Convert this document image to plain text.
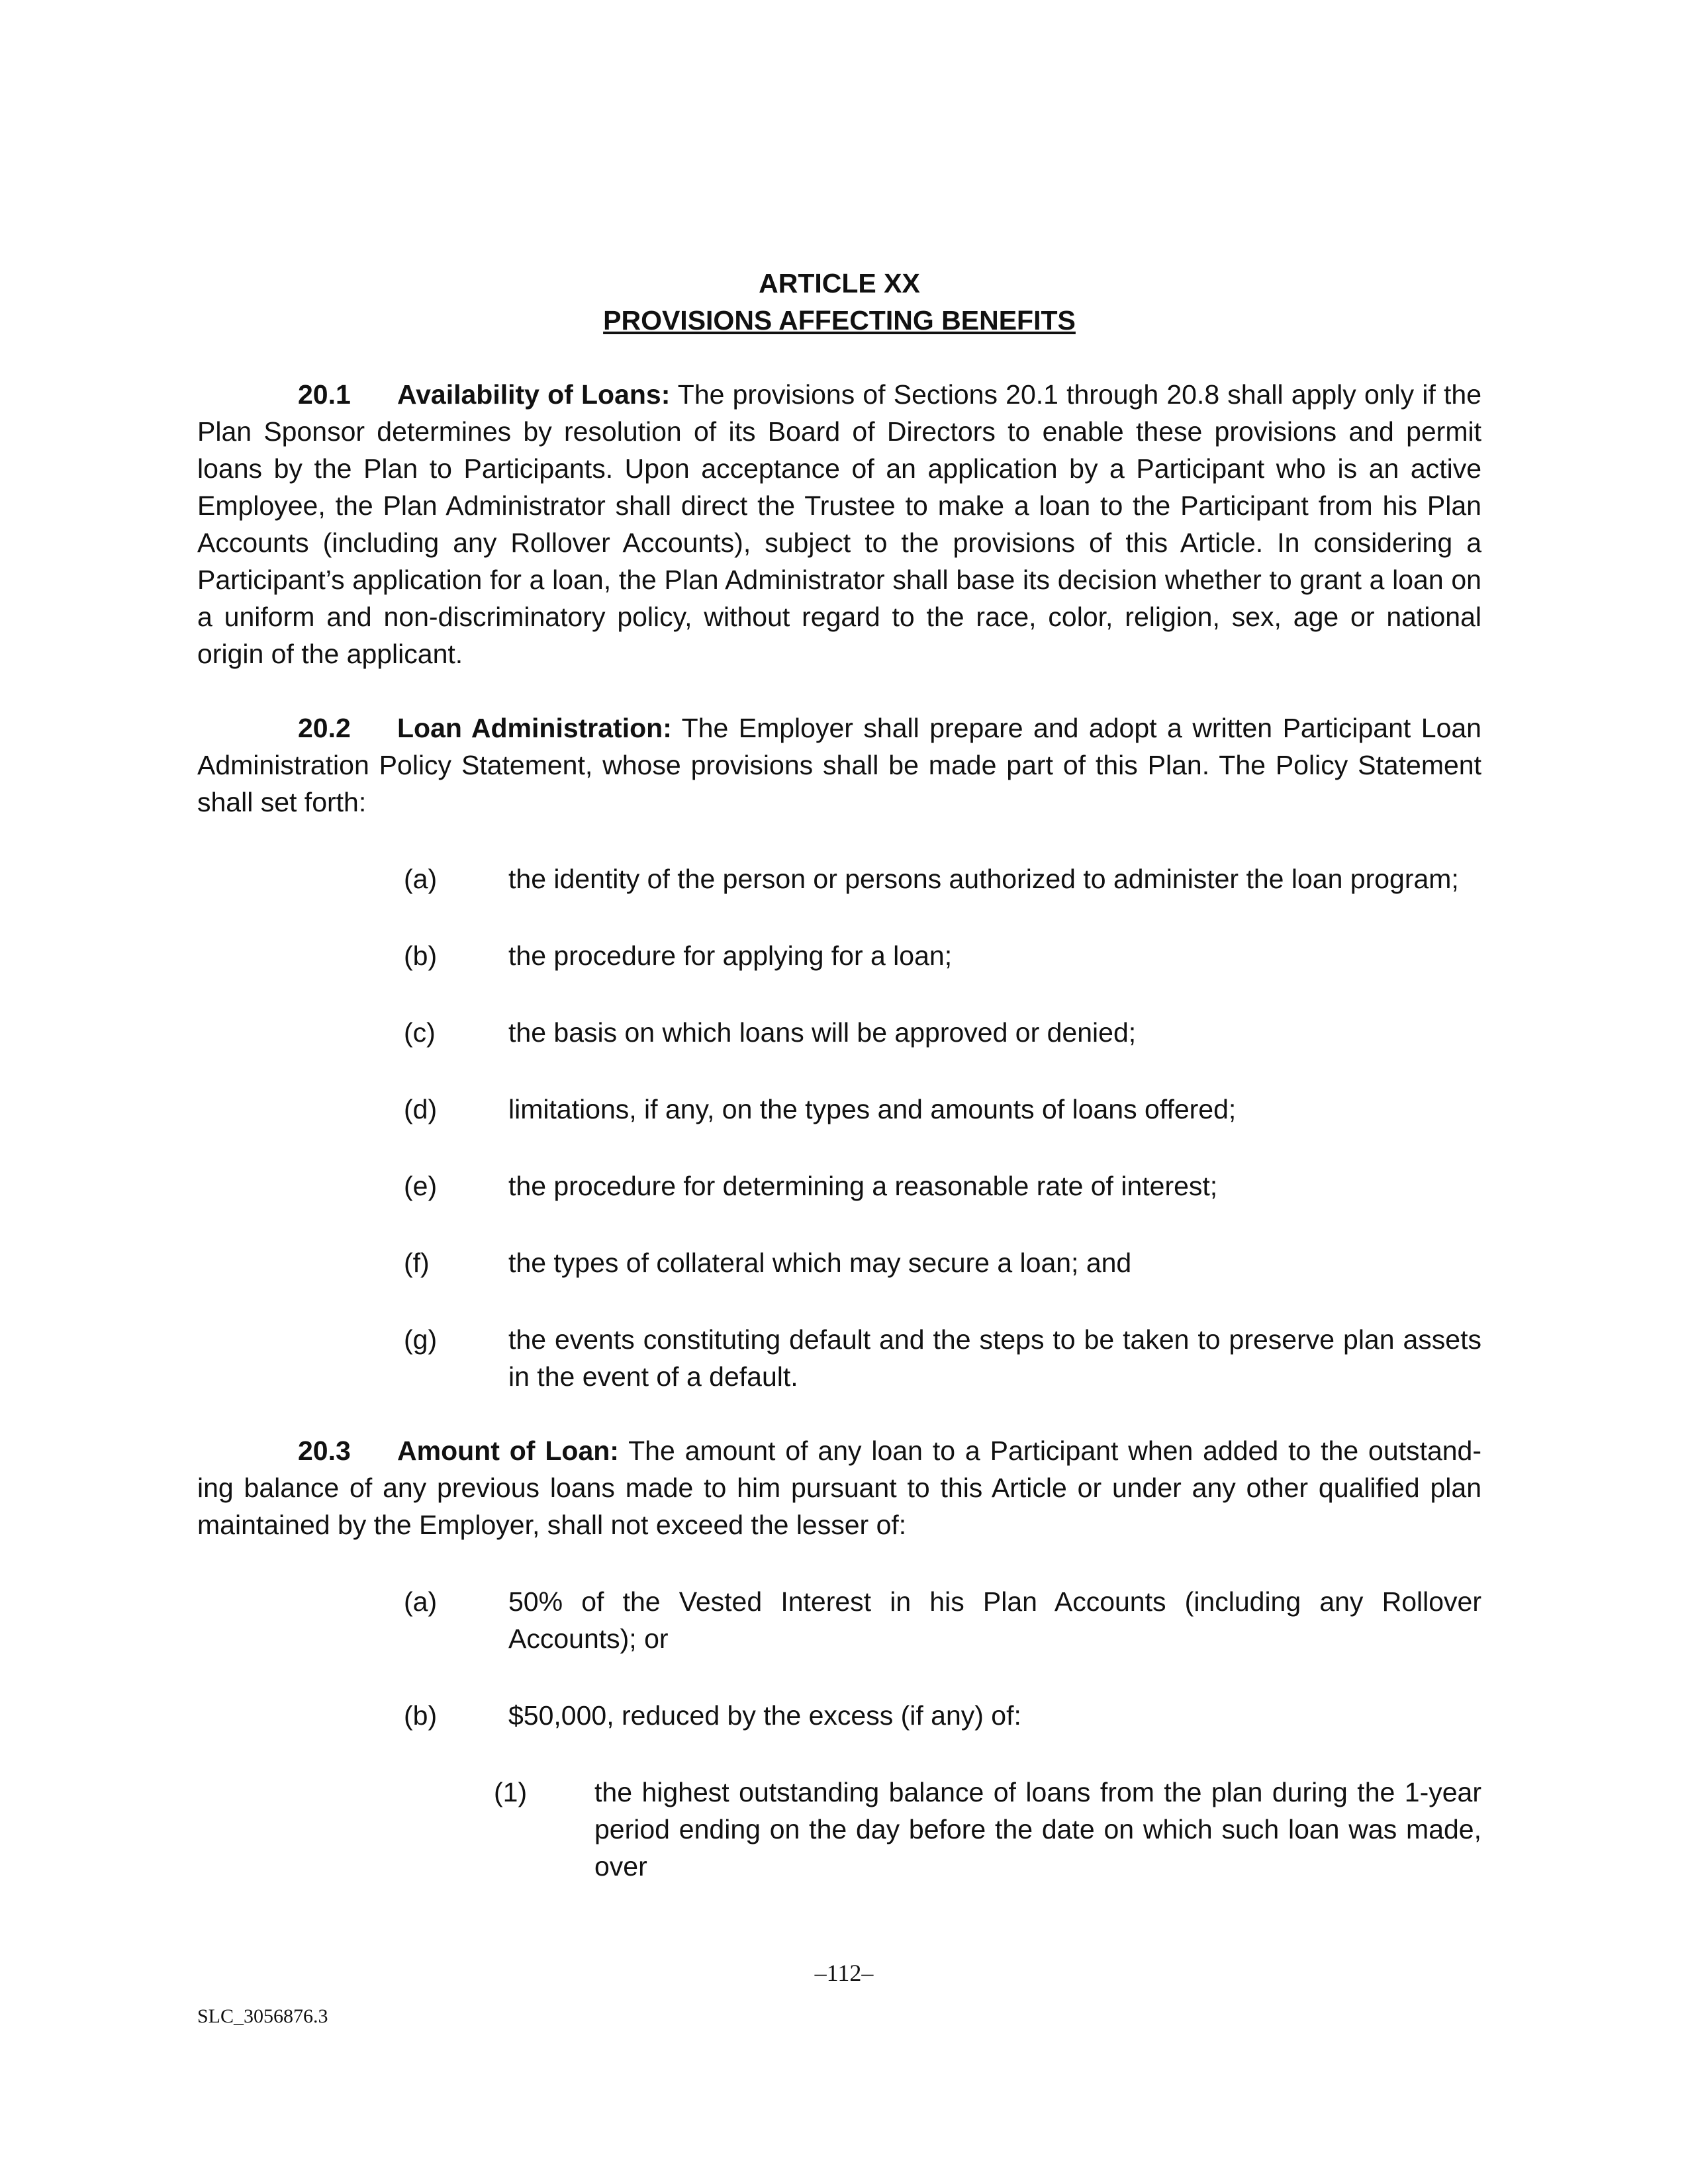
ARTICLE XX

PROVISIONS AFFECTING BENEFITS

20.1 Availability of Loans: The provisions of Sections 20.1 through 20.8 shall apply only if the Plan Sponsor determines by resolution of its Board of Directors to enable these provisions and permit loans by the Plan to Participants. Upon acceptance of an application by a Participant who is an active Employee, the Plan Administrator shall direct the Trustee to make a loan to the Participant from his Plan Accounts (including any Rollover Accounts), subject to the provisions of this Article. In considering a Participant’s application for a loan, the Plan Administrator shall base its decision whether to grant a loan on a uniform and non-discriminatory policy, without regard to the race, color, religion, sex, age or national origin of the applicant.

20.2 Loan Administration: The Employer shall prepare and adopt a written Participant Loan Administration Policy Statement, whose provisions shall be made part of this Plan. The Policy Statement shall set forth:

(a)	the identity of the person or persons authorized to administer the loan program;
(b)	the procedure for applying for a loan;
(c)	the basis on which loans will be approved or denied;
(d)	limitations, if any, on the types and amounts of loans offered;
(e)	the procedure for determining a reasonable rate of interest;
(f)	the types of collateral which may secure a loan; and
(g)	the events constituting default and the steps to be taken to preserve plan assets in the event of a default.

20.3 Amount of Loan: The amount of any loan to a Participant when added to the outstand-ing balance of any previous loans made to him pursuant to this Article or under any other qualified plan maintained by the Employer, shall not exceed the lesser of:

(a)	50% of the Vested Interest in his Plan Accounts (including any Rollover Accounts); or
(b)	$50,000, reduced by the excess (if any) of:
(1) the highest outstanding balance of loans from the plan during the 1-year period ending on the day before the date on which such loan was made, over
–112–
SLC_3056876.3
